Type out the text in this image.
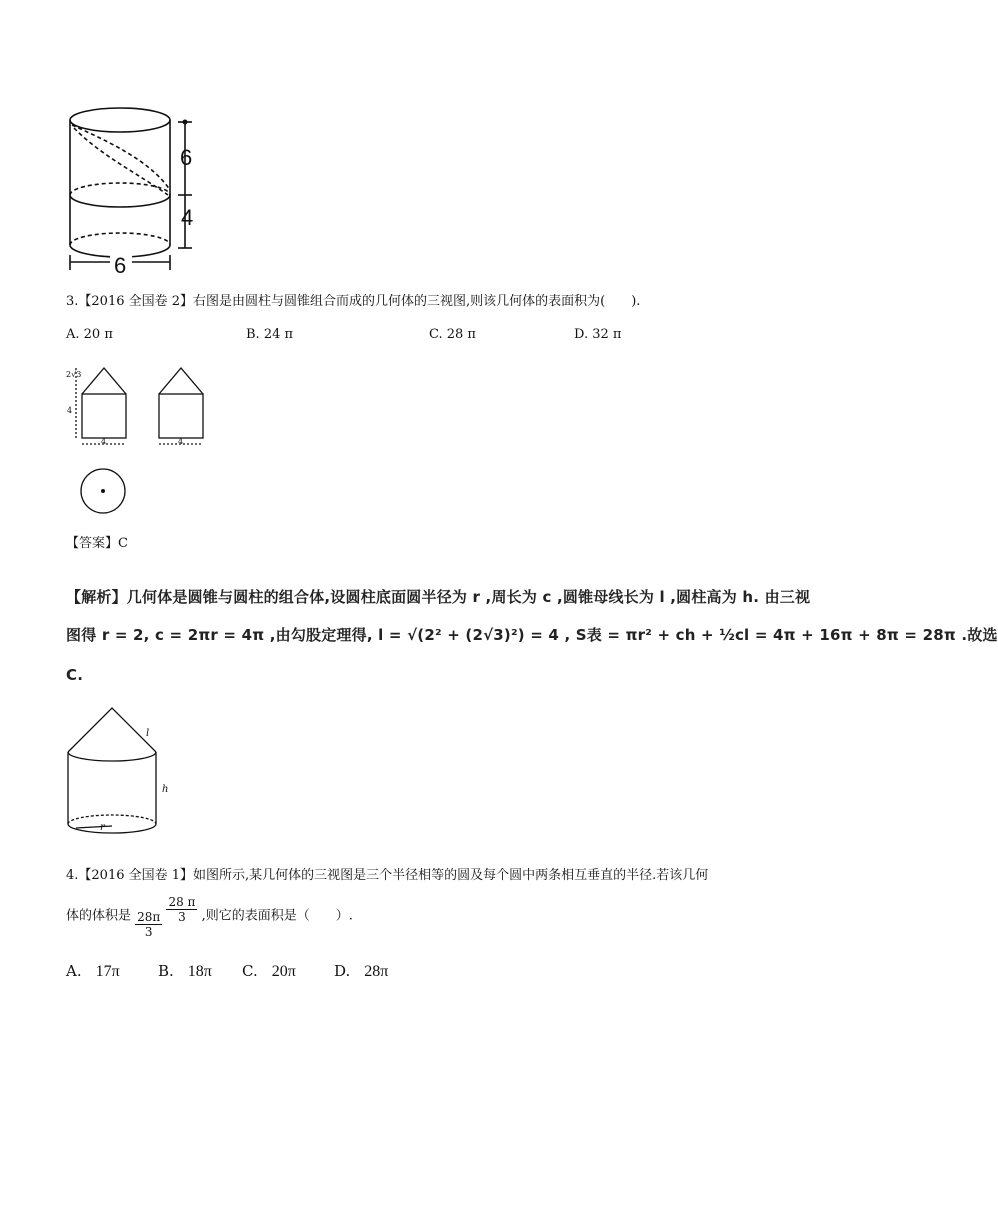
6
4
6
3.【2016 全国卷 2】右图是由圆柱与圆锥组合而成的几何体的三视图,则该几何体的表面积为(　　).
A. 20 π	B. 24 π	C. 28 π	D. 32 π
2√3
4
4	4
【答案】C
【解析】几何体是圆锥与圆柱的组合体,设圆柱底面圆半径为 r ,周长为 c ,圆锥母线长为 l ,圆柱高为 h. 由三视
图得 r = 2, c = 2πr = 4π ,由勾股定理得, l = √(2² + (2√3)²) = 4 , S表 = πr² + ch + ½cl = 4π + 16π + 8π = 28π .故选
C.
l
h
r
4.【2016 全国卷 1】如图所示,某几何体的三视图是三个半径相等的圆及每个圆中两条相互垂直的半径.若该几何
体的体积是 $\frac{28\pi}{3}$

$\frac{28 \pi}{3}$ ,则它的表面积是（　　）.
A. 17π	B. 18π C. 20π	D. 28π
